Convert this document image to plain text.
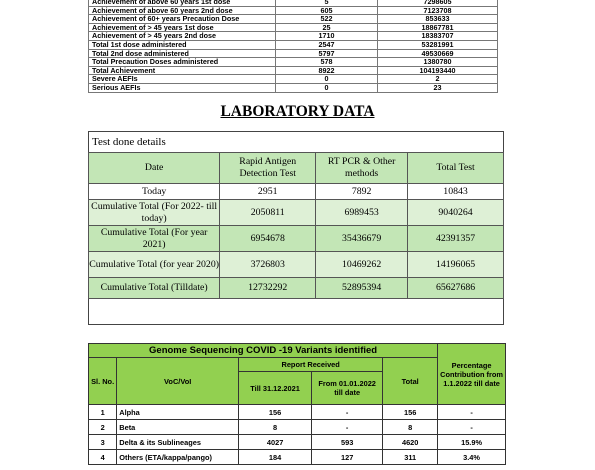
Achievement of above 60 years 1st dose	5	7298605
Achievement of above 60 years 2nd dose	605	7123708
Achievement of 60+ years Precaution Dose	522	853633
Achievement of > 45 years 1st dose	25	18867781
Achievement of > 45 years 2nd dose	1710	18383707
Total 1st dose administered	2547	53281991
Total 2nd dose administered	5797	49530669
Total Precaution Doses administered	578	1380780
Total Achievement	8922	104193440
Severe AEFIs	0	2
Serious AEFIs	0	23
LABORATORY DATA
Test done details
Date	Rapid Antigen Detection Test	RT PCR & Other methods	Total Test
Today	2951	7892	10843
Cumulative Total (For 2022- till today)	2050811	6989453	9040264
Cumulative Total (For year 2021)	6954678	35436679	42391357
Cumulative Total (for year 2020)	3726803	10469262	14196065
Cumulative Total (Tilldate)	12732292	52895394	65627686
Genome Sequencing COVID -19 Variants identified					Percentage Contribution from 1.1.2022 till date
Sl. No.	VoC/VoI	Report Received		Total	
		Till 31.12.2021	From 01.01.2022 till date		
1	Alpha	156	-	156	-
2	Beta	8	-	8	-
3	Delta & its Sublineages	4027	593	4620	15.9%
4	Others (ETA/kappa/pango)	184	127	311	3.4%
